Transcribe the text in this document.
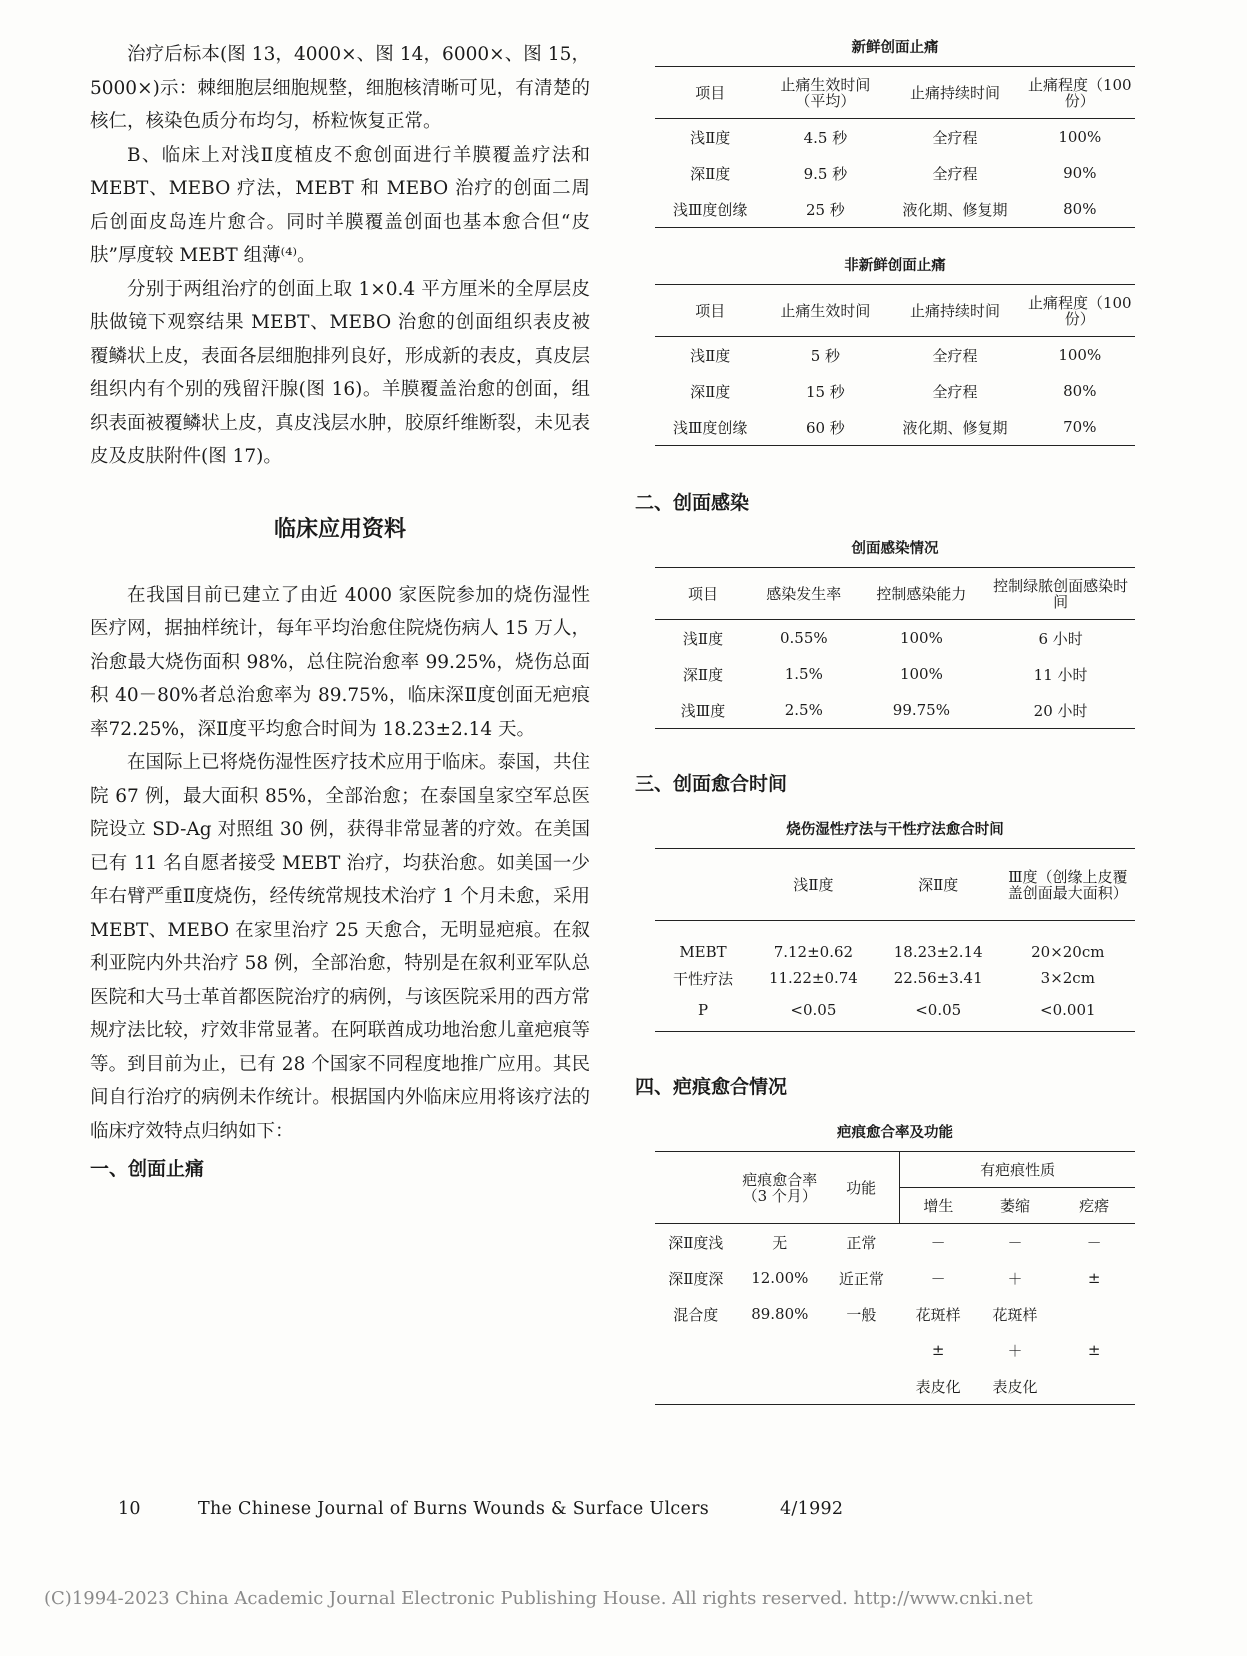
治疗后标本(图 13，4000×、图 14，6000×、图 15，5000×)示：棘细胞层细胞规整，细胞核清晰可见，有清楚的核仁，核染色质分布均匀，桥粒恢复正常。

B、临床上对浅Ⅱ度植皮不愈创面进行羊膜覆盖疗法和 MEBT、MEBO 疗法，MEBT 和 MEBO 治疗的创面二周后创面皮岛连片愈合。同时羊膜覆盖创面也基本愈合但“皮肤”厚度较 MEBT 组薄⁽⁴⁾。

分别于两组治疗的创面上取 1×0.4 平方厘米的全厚层皮肤做镜下观察结果 MEBT、MEBO 治愈的创面组织表皮被覆鳞状上皮，表面各层细胞排列良好，形成新的表皮，真皮层组织内有个别的残留汗腺(图 16)。羊膜覆盖治愈的创面，组织表面被覆鳞状上皮，真皮浅层水肿，胶原纤维断裂，未见表皮及皮肤附件(图 17)。

临床应用资料

在我国目前已建立了由近 4000 家医院参加的烧伤湿性医疗网，据抽样统计，每年平均治愈住院烧伤病人 15 万人，治愈最大烧伤面积 98%，总住院治愈率 99.25%，烧伤总面积 40－80%者总治愈率为 89.75%，临床深Ⅱ度创面无疤痕率72.25%，深Ⅱ度平均愈合时间为 18.23±2.14 天。

在国际上已将烧伤湿性医疗技术应用于临床。泰国，共住院 67 例，最大面积 85%，全部治愈；在泰国皇家空军总医院设立 SD-Ag 对照组 30 例，获得非常显著的疗效。在美国已有 11 名自愿者接受 MEBT 治疗，均获治愈。如美国一少年右臂严重Ⅱ度烧伤，经传统常规技术治疗 1 个月未愈，采用 MEBT、MEBO 在家里治疗 25 天愈合，无明显疤痕。在叙利亚院内外共治疗 58 例，全部治愈，特别是在叙利亚军队总医院和大马士革首都医院治疗的病例，与该医院采用的西方常规疗法比较，疗效非常显著。在阿联酋成功地治愈儿童疤痕等等。到目前为止，已有 28 个国家不同程度地推广应用。其民间自行治疗的病例未作统计。根据国内外临床应用将该疗法的临床疗效特点归纳如下：

一、创面止痛
新鲜创面止痛
项目	止痛生效时间（平均）	止痛持续时间	止痛程度（100 份）
浅Ⅱ度	4.5 秒	全疗程	100%
深Ⅱ度	9.5 秒	全疗程	90%
浅Ⅲ度创缘	25 秒	液化期、修复期	80%
非新鲜创面止痛
项目	止痛生效时间	止痛持续时间	止痛程度（100 份）
浅Ⅱ度	5 秒	全疗程	100%
深Ⅱ度	15 秒	全疗程	80%
浅Ⅲ度创缘	60 秒	液化期、修复期	70%
二、创面感染
创面感染情况
项目	感染发生率	控制感染能力	控制绿脓创面感染时间
浅Ⅱ度	0.55%	100%	6 小时
深Ⅱ度	1.5%	100%	11 小时
浅Ⅲ度	2.5%	99.75%	20 小时
三、创面愈合时间
烧伤湿性疗法与干性疗法愈合时间
	浅Ⅱ度	深Ⅱ度	Ⅲ度（创缘上皮覆盖创面最大面积）
MEBT	7.12±0.62	18.23±2.14	20×20cm
干性疗法	11.22±0.74	22.56±3.41	3×2cm
P	<0.05	<0.05	<0.001
四、疤痕愈合情况
疤痕愈合率及功能
	疤痕愈合率（3 个月）	功能	有疤痕性质		
			增生	萎缩	疙瘩
深Ⅱ度浅	无	正常	－	－	－
深Ⅱ度深	12.00%	近正常	－	＋	±
混合度	89.80%	一般	花斑样	花斑样	
			±	＋	±
			表皮化	表皮化	
10	The Chinese Journal of Burns Wounds & Surface Ulcers	4/1992
(C)1994-2023 China Academic Journal Electronic Publishing House. All rights reserved. http://www.cnki.net
